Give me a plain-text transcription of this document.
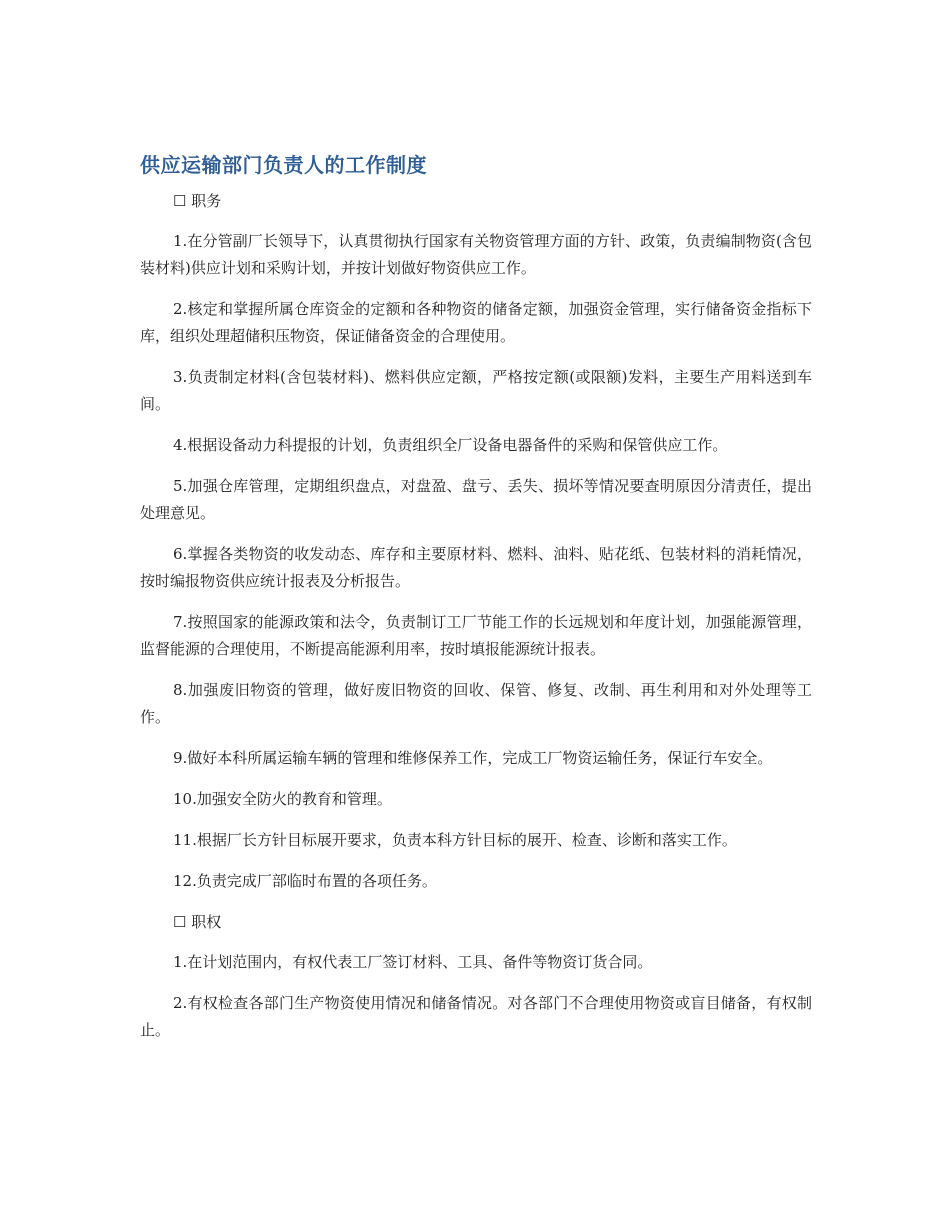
供应运输部门负责人的工作制度
☐ 职务

1.在分管副厂长领导下，认真贯彻执行国家有关物资管理方面的方针、政策，负责编制物资(含包装材料)供应计划和采购计划，并按计划做好物资供应工作。

2.核定和掌握所属仓库资金的定额和各种物资的储备定额，加强资金管理，实行储备资金指标下库，组织处理超储积压物资，保证储备资金的合理使用。

3.负责制定材料(含包装材料)、燃料供应定额，严格按定额(或限额)发料，主要生产用料送到车间。

4.根据设备动力科提报的计划，负责组织全厂设备电器备件的采购和保管供应工作。

5.加强仓库管理，定期组织盘点，对盘盈、盘亏、丢失、损坏等情况要查明原因分清责任，提出处理意见。

6.掌握各类物资的收发动态、库存和主要原材料、燃料、油料、贴花纸、包装材料的消耗情况，按时编报物资供应统计报表及分析报告。

7.按照国家的能源政策和法令，负责制订工厂节能工作的长远规划和年度计划，加强能源管理，监督能源的合理使用，不断提高能源利用率，按时填报能源统计报表。

8.加强废旧物资的管理，做好废旧物资的回收、保管、修复、改制、再生利用和对外处理等工作。

9.做好本科所属运输车辆的管理和维修保养工作，完成工厂物资运输任务，保证行车安全。

10.加强安全防火的教育和管理。

11.根据厂长方针目标展开要求，负责本科方针目标的展开、检查、诊断和落实工作。

12.负责完成厂部临时布置的各项任务。

☐ 职权

1.在计划范围内，有权代表工厂签订材料、工具、备件等物资订货合同。

2.有权检查各部门生产物资使用情况和储备情况。对各部门不合理使用物资或盲目储备，有权制止。
